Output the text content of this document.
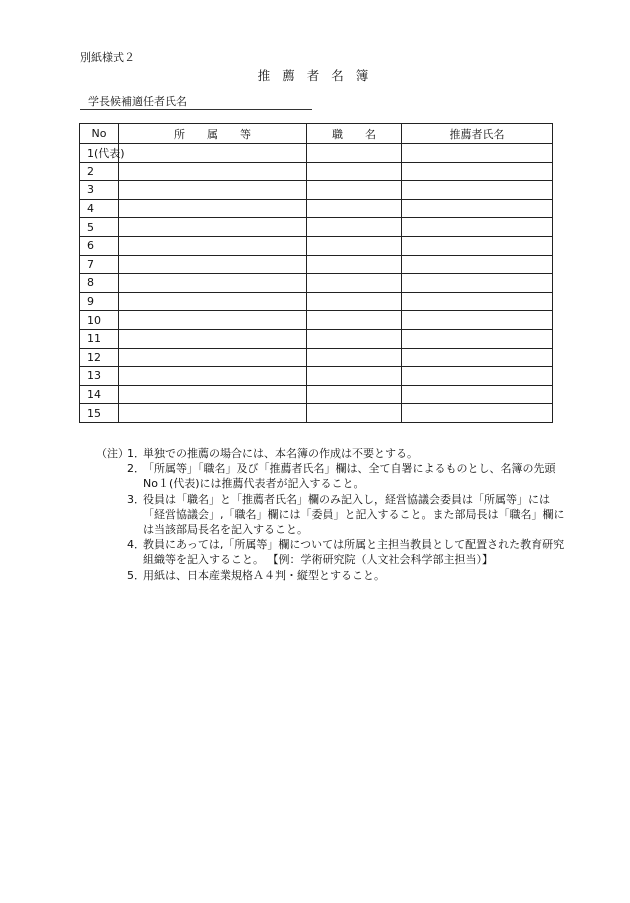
別紙様式２
推 薦 者 名 簿
学長候補適任者氏名
No	所　　属　　等	職　　名	推薦者氏名
1(代表)			
2			
3			
4			
5			
6			
7			
8			
9			
10			
11			
12			
13			
14			
15			
（注）
1．
単独での推薦の場合には、本名簿の作成は不要とする。
2．
「所属等」「職名」及び「推薦者氏名」欄は、全て自署によるものとし、名簿の先頭 No１(代表)には推薦代表者が記入すること。
3．
役員は「職名」と「推薦者氏名」欄のみ記入し，経営協議会委員は「所属等」には「経営協議会」,「職名」欄には「委員」と記入すること。また部局長は「職名」欄には当該部局長名を記入すること。
4．
教員にあっては,「所属等」欄については所属と主担当教員として配置された教育研究組織等を記入すること。 【例：学術研究院（人文社会科学部主担当）】
5．
用紙は、日本産業規格Ａ４判・縦型とすること。
